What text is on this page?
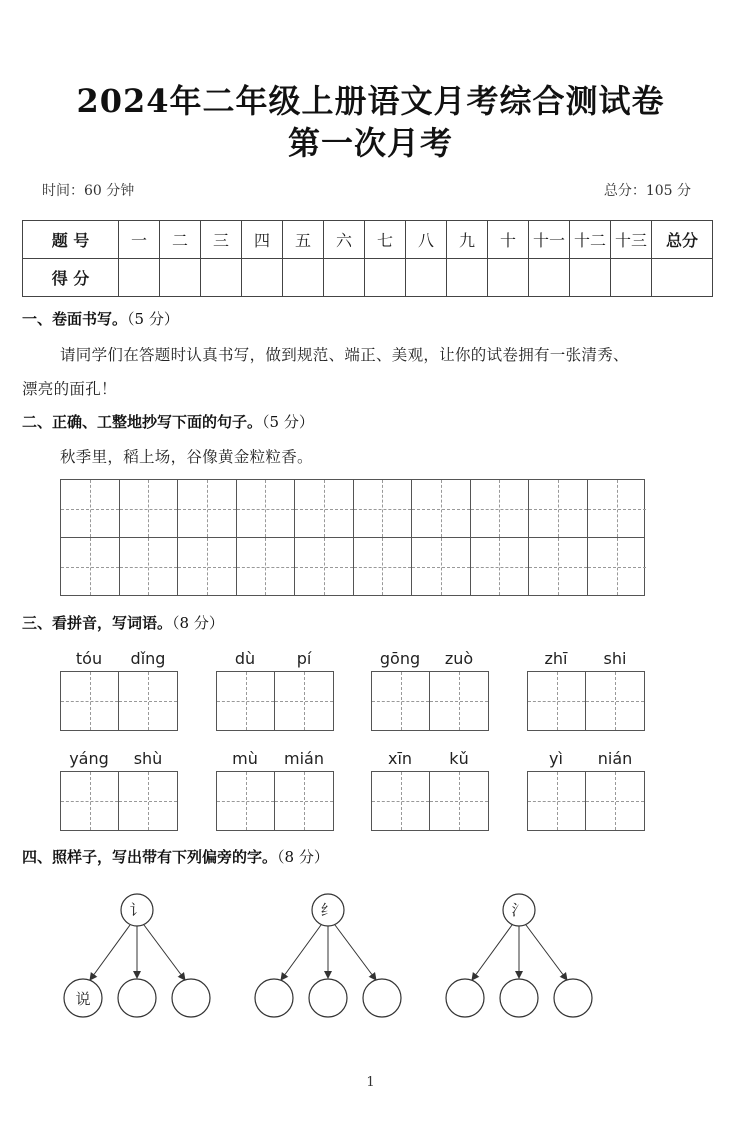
2024年二年级上册语文月考综合测试卷
第一次月考
时间：60 分钟	总分：105 分
题 号	一	二	三	四	五	六	七	八	九	十	十一	十二	十三	总分
得 分														
一、卷面书写。（5 分）
请同学们在答题时认真书写，做到规范、端正、美观，让你的试卷拥有一张清秀、
漂亮的面孔！
二、正确、工整地抄写下面的句子。（5 分）
秋季里，稻上场，谷像黄金粒粒香。
三、看拼音，写词语。（8 分）
tóu	dǐng	dù	pí	gōng	zuò	zhī	shi
yáng	shù	mù	mián	xīn	kǔ	yì	nián
四、照样子，写出带有下列偏旁的字。（8 分）
讠
说
纟	氵
1
